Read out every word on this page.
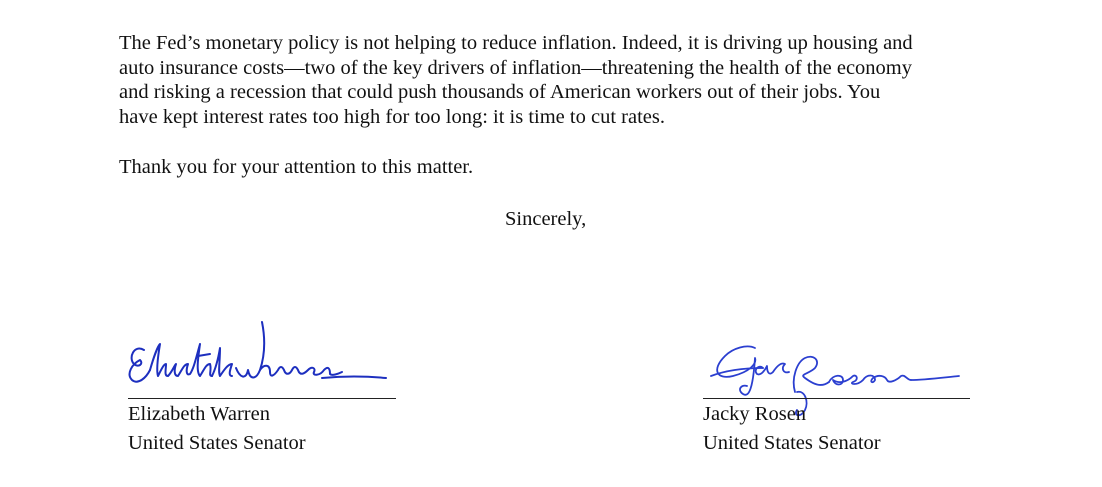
The Fed’s monetary policy is not helping to reduce inflation. Indeed, it is driving up housing and
auto insurance costs—two of the key drivers of inflation—threatening the health of the economy
and risking a recession that could push thousands of American workers out of their jobs. You
have kept interest rates too high for too long: it is time to cut rates.

Thank you for your attention to this matter.

Sincerely,
Elizabeth Warren
United States Senator
Jacky Rosen
United States Senator
